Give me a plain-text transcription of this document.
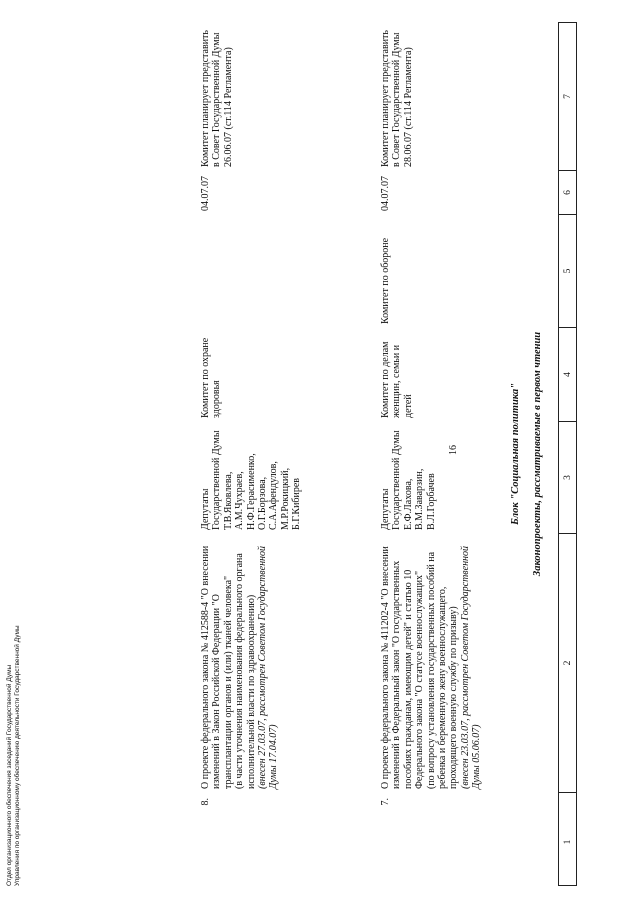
16
1
2
3
4
5
6
7
Законопроекты, рассматриваемые в первом чтении
Блок "Социальная политика"
7.
О проекте федерального закона № 411202-4 "О внесении изменений в Федеральный закон "О государственных пособиях гражданам, имеющим детей" и статью 10 Федерального закона "О статусе военнослужащих" (по вопросу установления государственных пособий на ребенка и беременную жену военнослужащего, проходящего военную службу по призыву) (внесен 23.03.07, рассмотрен Советом Государственной Думы 05.06.07)
Депутаты Государственной Думы Е.Ф.Лахова, В.М.Заварзин, В.Л.Горбачев
Комитет по делам женщин, семьи и детей
Комитет по обороне
04.07.07
Комитет планирует представить в Совет Государственной Думы 28.06.07 (ст.114 Регламента)
8.
О проекте федерального закона № 412588-4 "О внесении изменений в Закон Российской Федерации "О трансплантации органов и (или) тканей человека" (в части уточнения наименования федерального органа исполнительной власти по здравоохранению) (внесен 27.03.07, рассмотрен Советом Государственной Думы 17.04.07)
Депутаты Государственной Думы Т.В.Яковлева, А.М.Чухраев, Н.Ф.Герасименко, О.Г.Борзова, С.А.Афендулов, М.Р.Рокицкий, Б.Г.Кибирев
Комитет по охране здоровья
04.07.07
Комитет планирует представить в Совет Государственной Думы 26.06.07 (ст.114 Регламента)
Отдел организационного обеспечения заседаний Государственной Думы Управления по организационному обеспечению деятельности Государственной Думы
